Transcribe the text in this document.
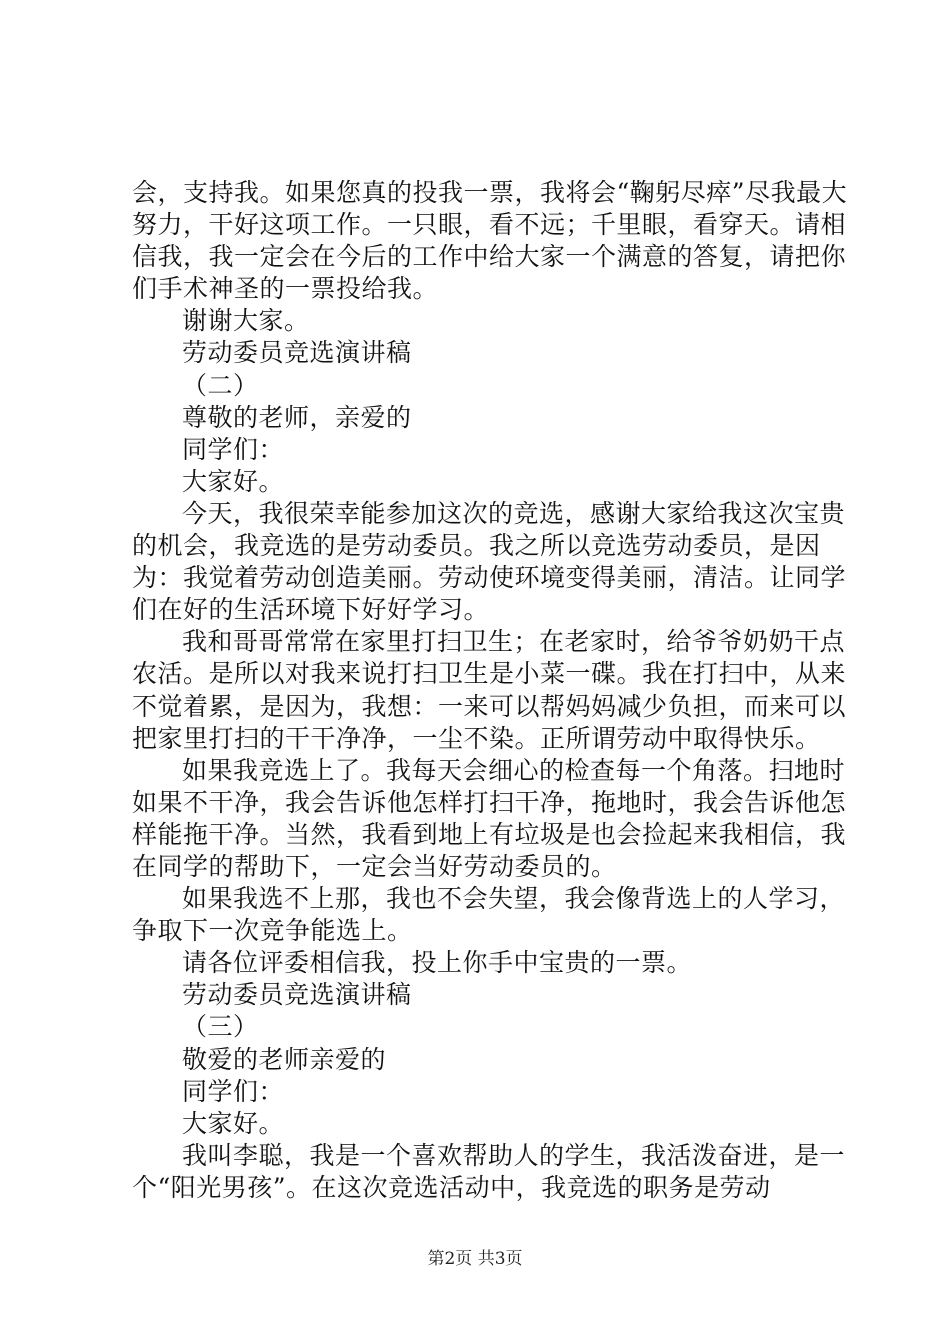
会，支持我。如果您真的投我一票，我将会“鞠躬尽瘁”尽我最大努力，干好这项工作。一只眼，看不远；千里眼，看穿天。请相信我，我一定会在今后的工作中给大家一个满意的答复，请把你们手术神圣的一票投给我。

谢谢大家。

劳动委员竞选演讲稿

（二）

尊敬的老师，亲爱的

同学们：

大家好。

今天，我很荣幸能参加这次的竞选，感谢大家给我这次宝贵的机会，我竞选的是劳动委员。我之所以竞选劳动委员，是因为：我觉着劳动创造美丽。劳动使环境变得美丽，清洁。让同学们在好的生活环境下好好学习。

我和哥哥常常在家里打扫卫生；在老家时，给爷爷奶奶干点农活。是所以对我来说打扫卫生是小菜一碟。我在打扫中，从来不觉着累，是因为，我想：一来可以帮妈妈减少负担，而来可以把家里打扫的干干净净，一尘不染。正所谓劳动中取得快乐。

如果我竞选上了。我每天会细心的检查每一个角落。扫地时如果不干净，我会告诉他怎样打扫干净，拖地时，我会告诉他怎样能拖干净。当然，我看到地上有垃圾是也会捡起来我相信，我在同学的帮助下，一定会当好劳动委员的。

如果我选不上那，我也不会失望，我会像背选上的人学习，争取下一次竞争能选上。

请各位评委相信我，投上你手中宝贵的一票。

劳动委员竞选演讲稿

（三）

敬爱的老师亲爱的

同学们：

大家好。

我叫李聪，我是一个喜欢帮助人的学生，我活泼奋进，是一个“阳光男孩”。在这次竞选活动中，我竞选的职务是劳动

第2页 共3页
